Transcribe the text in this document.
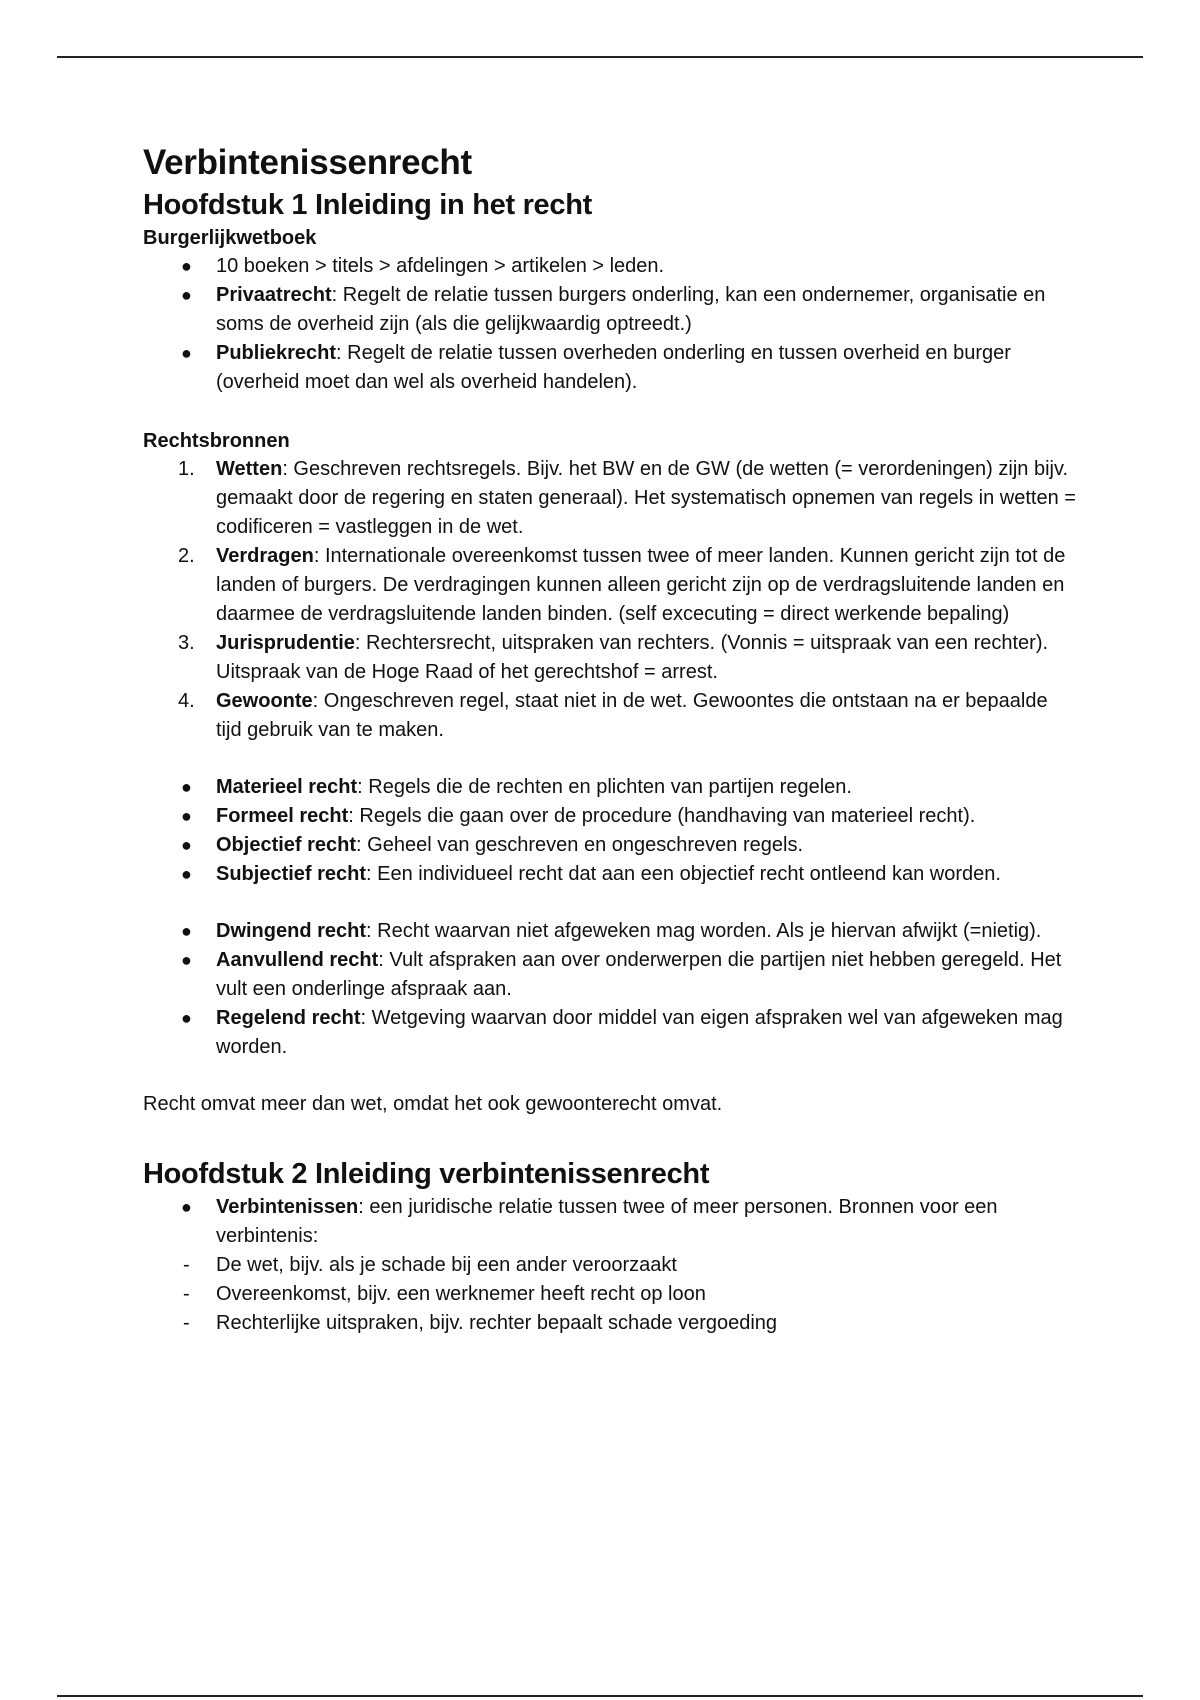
Verbintenissenrecht
Hoofdstuk 1 Inleiding in het recht
Burgerlijkwetboek
● 10 boeken > titels > afdelingen > artikelen > leden.
● Privaatrecht: Regelt de relatie tussen burgers onderling, kan een ondernemer, organisatie en soms de overheid zijn (als die gelijkwaardig optreedt.)
● Publiekrecht: Regelt de relatie tussen overheden onderling en tussen overheid en burger (overheid moet dan wel als overheid handelen).
Rechtsbronnen
1. Wetten: Geschreven rechtsregels. Bijv. het BW en de GW (de wetten (= verordeningen) zijn bijv. gemaakt door de regering en staten generaal). Het systematisch opnemen van regels in wetten = codificeren = vastleggen in de wet.
2. Verdragen: Internationale overeenkomst tussen twee of meer landen. Kunnen gericht zijn tot de landen of burgers. De verdragingen kunnen alleen gericht zijn op de verdragsluitende landen en daarmee de verdragsluitende landen binden. (self excecuting = direct werkende bepaling)
3. Jurisprudentie: Rechtersrecht, uitspraken van rechters. (Vonnis = uitspraak van een rechter). Uitspraak van de Hoge Raad of het gerechtshof = arrest.
4. Gewoonte: Ongeschreven regel, staat niet in de wet. Gewoontes die ontstaan na er bepaalde tijd gebruik van te maken.
● Materieel recht: Regels die de rechten en plichten van partijen regelen.
● Formeel recht: Regels die gaan over de procedure (handhaving van materieel recht).
● Objectief recht: Geheel van geschreven en ongeschreven regels.
● Subjectief recht: Een individueel recht dat aan een objectief recht ontleend kan worden.
● Dwingend recht: Recht waarvan niet afgeweken mag worden. Als je hiervan afwijkt (=nietig).
● Aanvullend recht: Vult afspraken aan over onderwerpen die partijen niet hebben geregeld. Het vult een onderlinge afspraak aan.
● Regelend recht: Wetgeving waarvan door middel van eigen afspraken wel van afgeweken mag worden.

Recht omvat meer dan wet, omdat het ook gewoonterecht omvat.

Hoofdstuk 2 Inleiding verbintenissenrecht
● Verbintenissen: een juridische relatie tussen twee of meer personen. Bronnen voor een verbintenis:
- De wet, bijv. als je schade bij een ander veroorzaakt
- Overeenkomst, bijv. een werknemer heeft recht op loon
- Rechterlijke uitspraken, bijv. rechter bepaalt schade vergoeding
